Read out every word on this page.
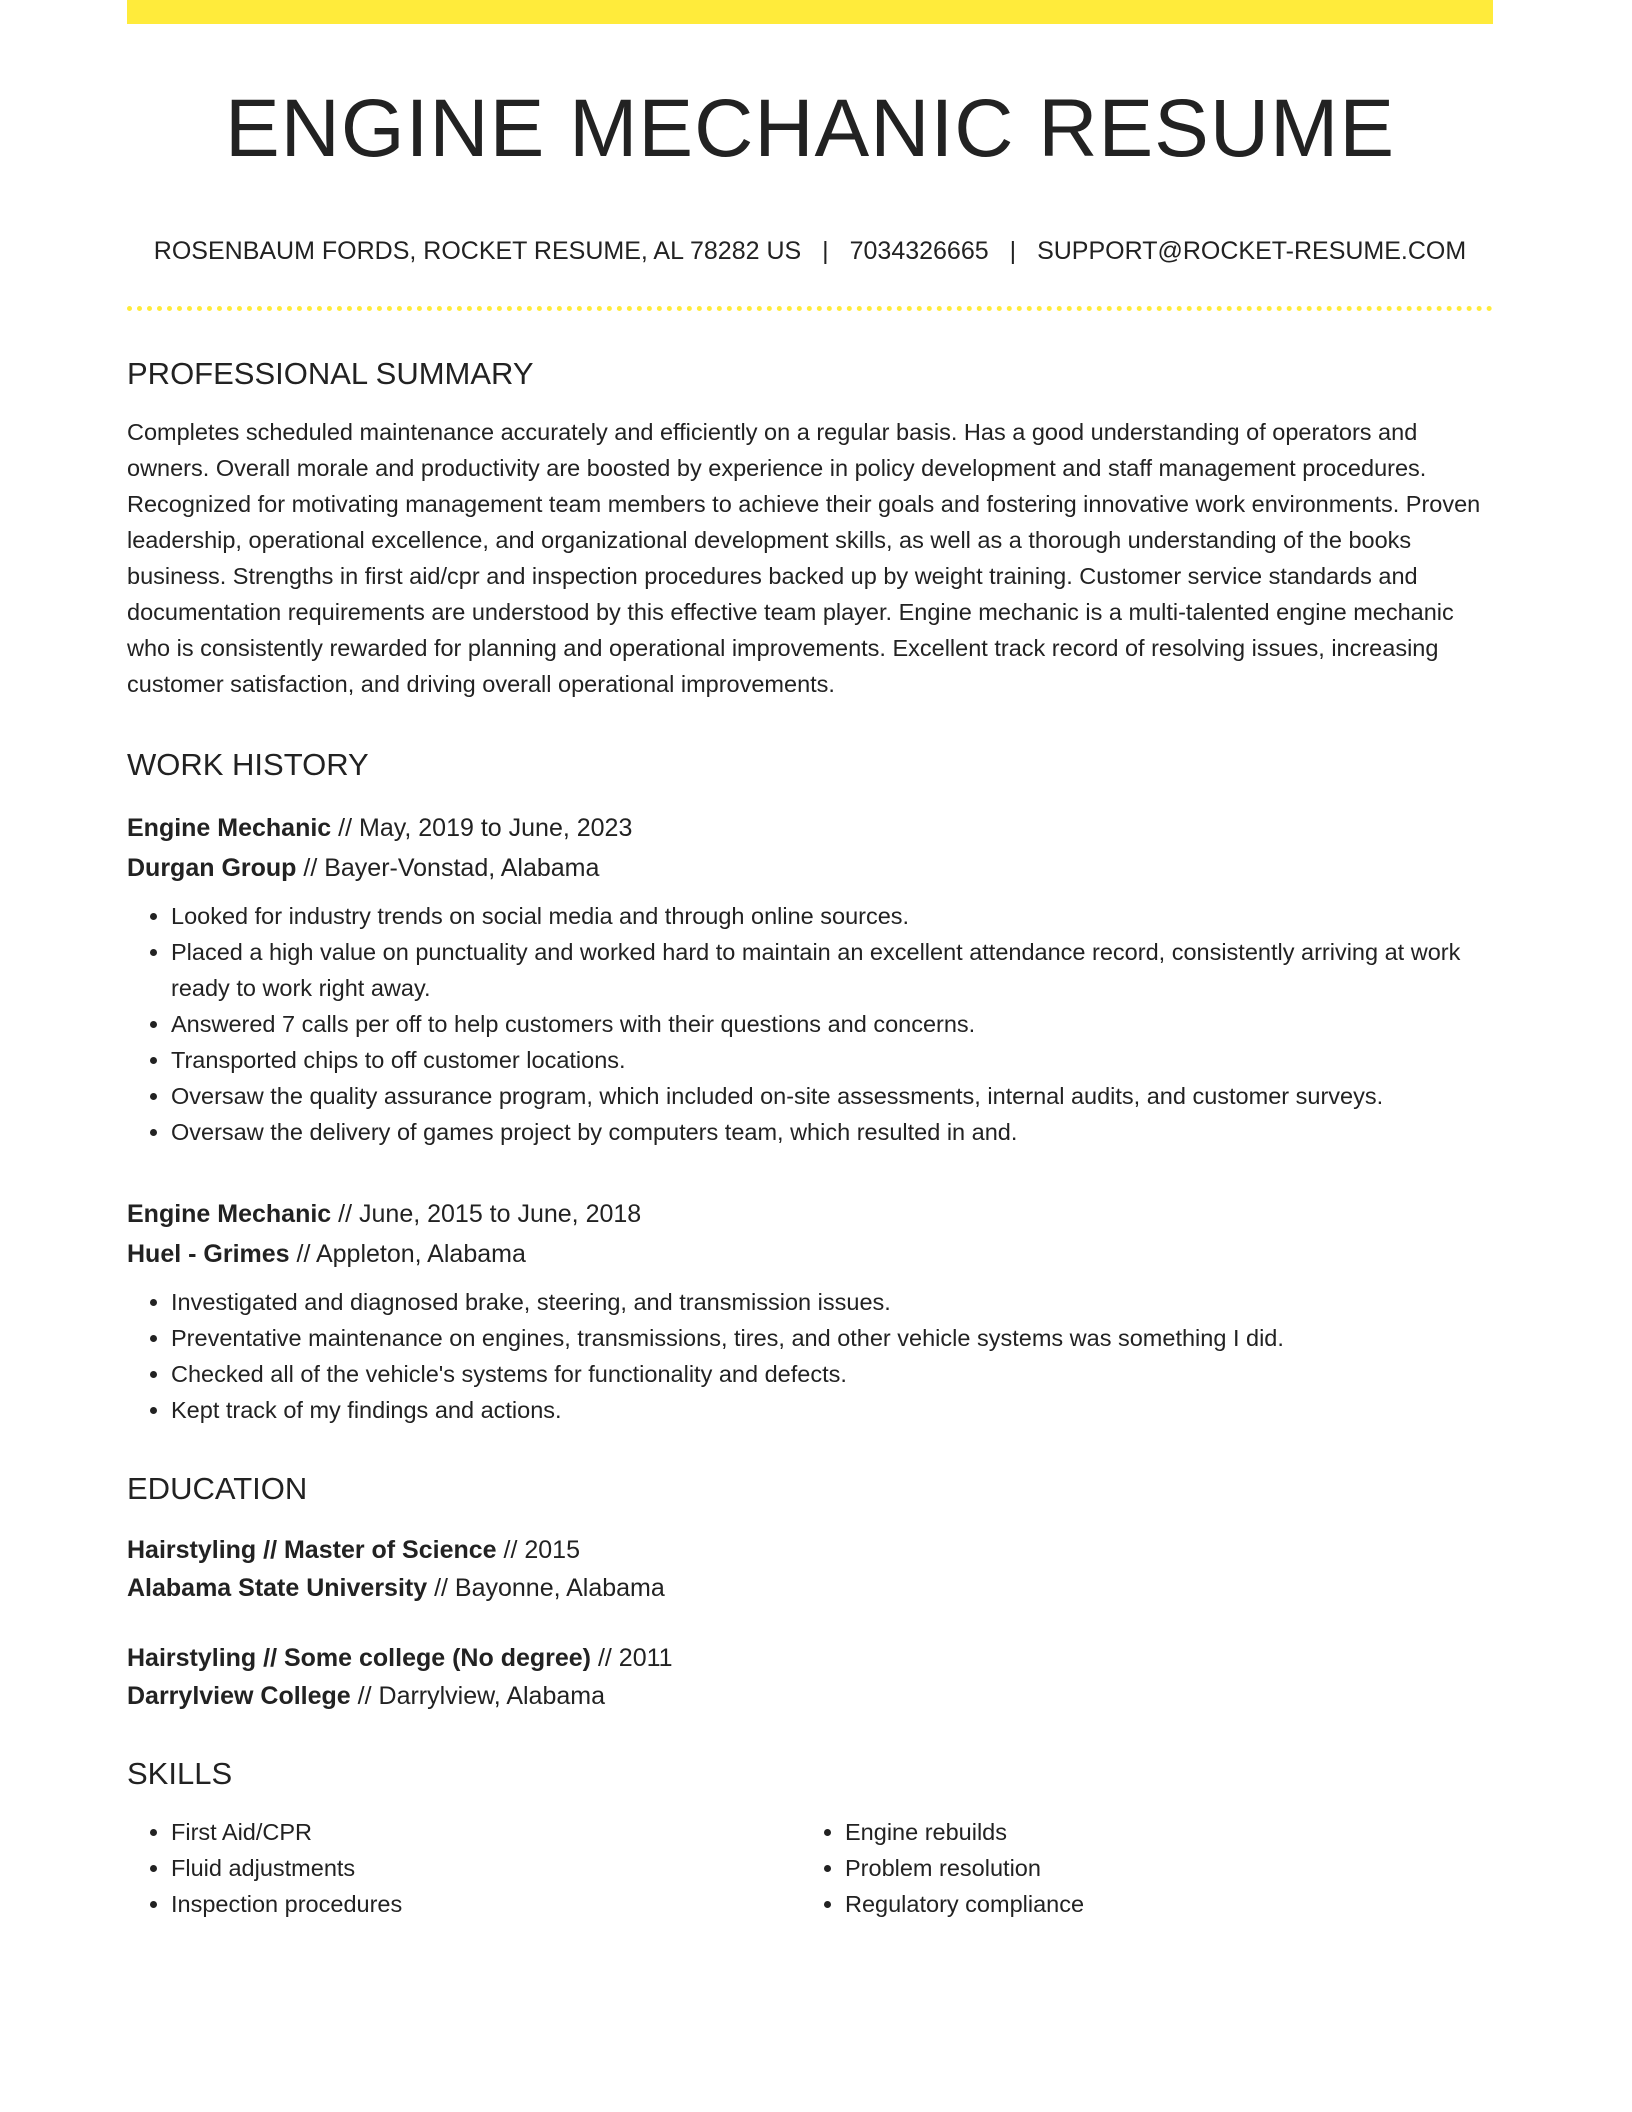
ENGINE MECHANIC RESUME
ROSENBAUM FORDS, ROCKET RESUME, AL 78282 US | 7034326665 | SUPPORT@ROCKET-RESUME.COM
PROFESSIONAL SUMMARY
Completes scheduled maintenance accurately and efficiently on a regular basis. Has a good understanding of operators and owners. Overall morale and productivity are boosted by experience in policy development and staff management procedures. Recognized for motivating management team members to achieve their goals and fostering innovative work environments. Proven leadership, operational excellence, and organizational development skills, as well as a thorough understanding of the books business. Strengths in first aid/cpr and inspection procedures backed up by weight training. Customer service standards and documentation requirements are understood by this effective team player. Engine mechanic is a multi-talented engine mechanic who is consistently rewarded for planning and operational improvements. Excellent track record of resolving issues, increasing customer satisfaction, and driving overall operational improvements.
WORK HISTORY
Engine Mechanic // May, 2019 to June, 2023
Durgan Group // Bayer-Vonstad, Alabama
• Looked for industry trends on social media and through online sources.
• Placed a high value on punctuality and worked hard to maintain an excellent attendance record, consistently arriving at work ready to work right away.
• Answered 7 calls per off to help customers with their questions and concerns.
• Transported chips to off customer locations.
• Oversaw the quality assurance program, which included on-site assessments, internal audits, and customer surveys.
• Oversaw the delivery of games project by computers team, which resulted in and.
Engine Mechanic // June, 2015 to June, 2018
Huel - Grimes // Appleton, Alabama
• Investigated and diagnosed brake, steering, and transmission issues.
• Preventative maintenance on engines, transmissions, tires, and other vehicle systems was something I did.
• Checked all of the vehicle's systems for functionality and defects.
• Kept track of my findings and actions.
EDUCATION
Hairstyling // Master of Science // 2015
Alabama State University // Bayonne, Alabama
Hairstyling // Some college (No degree) // 2011
Darrylview College // Darrylview, Alabama
SKILLS
• First Aid/CPR
• Fluid adjustments
• Inspection procedures
• Engine rebuilds
• Problem resolution
• Regulatory compliance
